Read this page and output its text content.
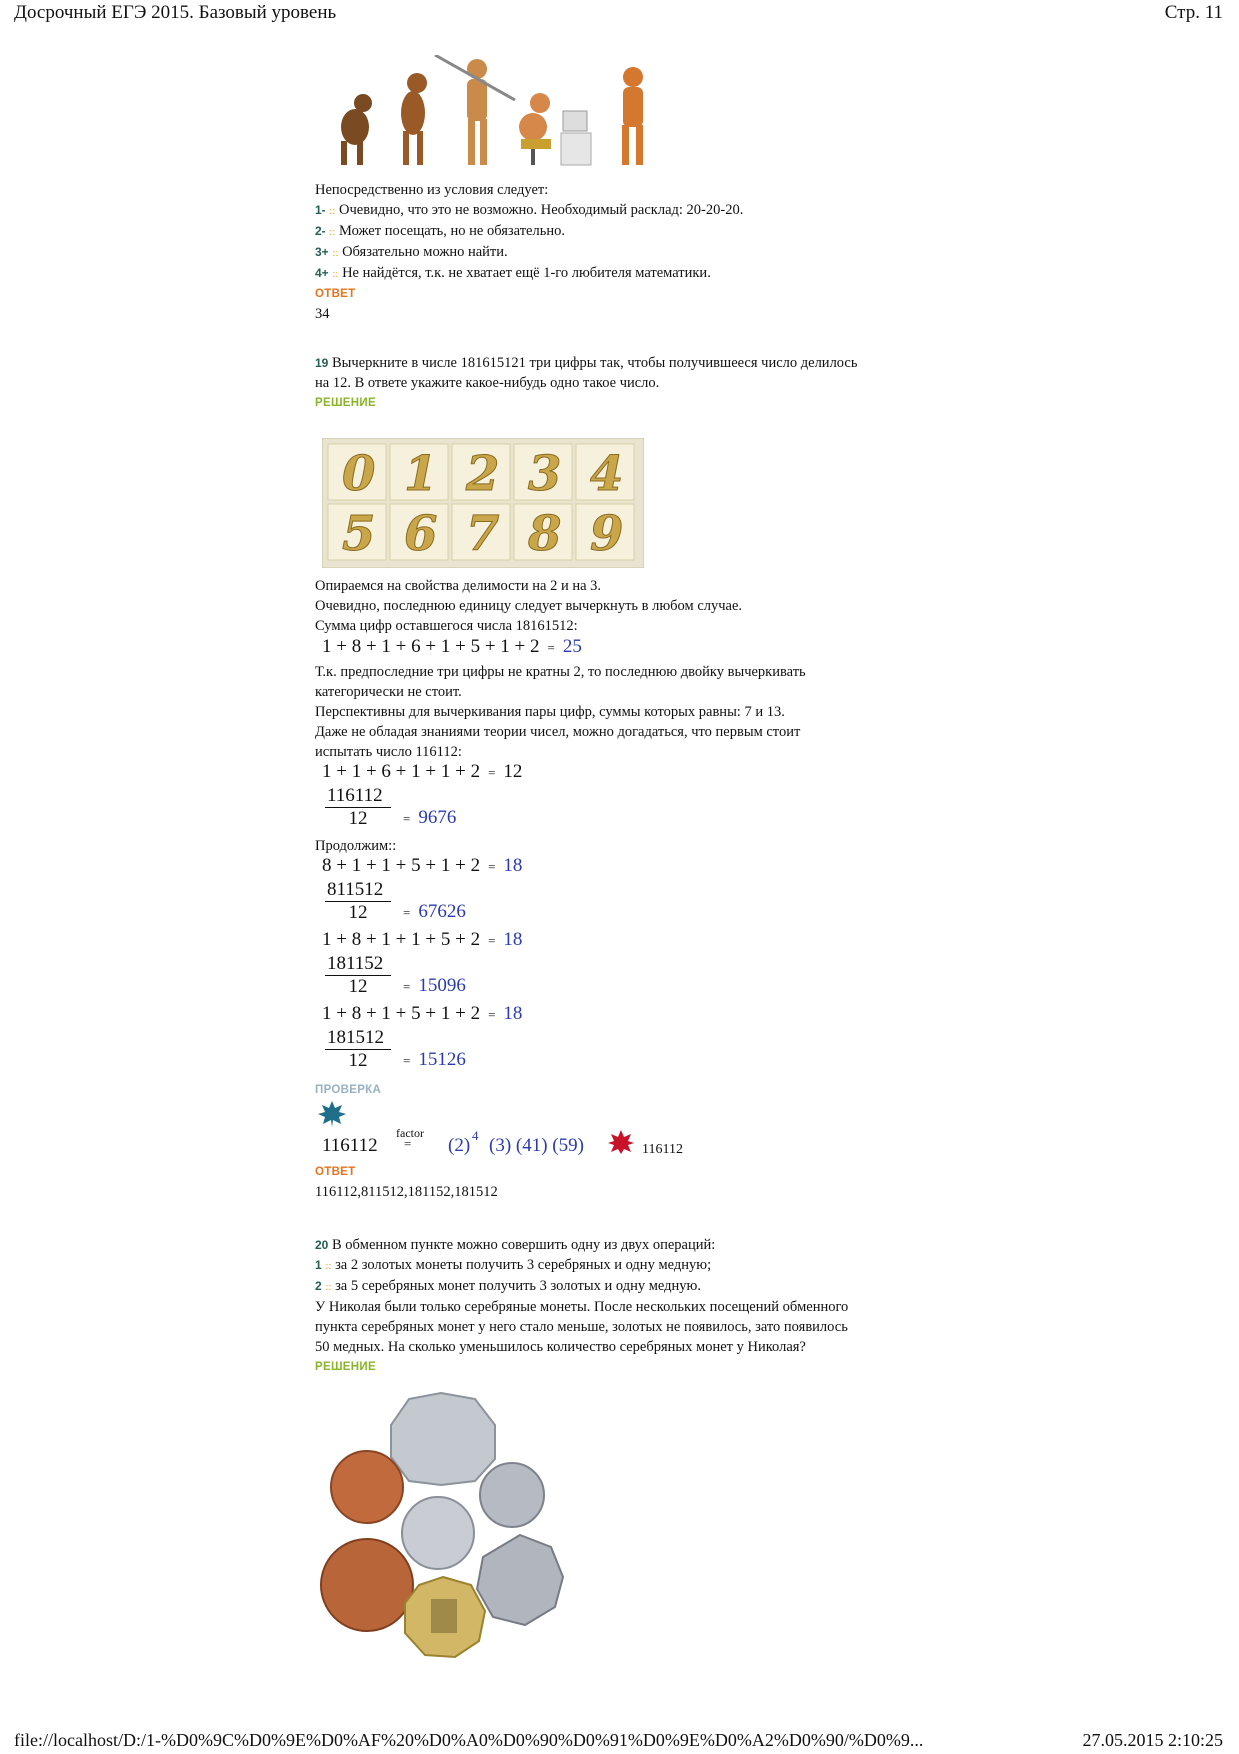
Досрочный ЕГЭ 2015. Базовый уровень	Стр. 11
Непосредственно из условия следует:
1- :: Очевидно, что это не возможно. Необходимый расклад: 20-20-20.
2- :: Может посещать, но не обязательно.
3+ :: Обязательно можно найти.
4+ :: Не найдётся, т.к. не хватает ещё 1-го любителя математики.
ОТВЕТ
34
19 Вычеркните в числе 181615121 три цифры так, чтобы получившееся число делилось
на 12. В ответе укажите какое-нибудь одно такое число.
РЕШЕНИЕ
0 1 2 3 4
5 6 7 8 9
Опираемся на свойства делимости на 2 и на 3.
Очевидно, последнюю единицу следует вычеркнуть в любом случае.
Сумма цифр оставшегося числа 18161512:
1 + 8 + 1 + 6 + 1 + 5 + 1 + 2 = 25
Т.к. предпоследние три цифры не кратны 2, то последнюю двойку вычеркивать
категорически не стоит.
Перспективны для вычеркивания пары цифр, суммы которых равны: 7 и 13.
Даже не обладая знаниями теории чисел, можно догадаться, что первым стоит
испытать число 116112:
1 + 1 + 6 + 1 + 1 + 2 = 12
116112
12	= 9676
Продолжим::
8 + 1 + 1 + 5 + 1 + 2 = 18
811512
12	= 67626
1 + 8 + 1 + 1 + 5 + 2 = 18
181152
12	= 15096
1 + 8 + 1 + 5 + 1 + 2 = 18
181512
12	= 15126
ПРОВЕРКА
116112
factor
= (2) 4 (3) (41) (59)	116112
ОТВЕТ
116112,811512,181152,181512
20 В обменном пункте можно совершить одну из двух операций:
1 :: за 2 золотых монеты получить 3 серебряных и одну медную;
2 :: за 5 серебряных монет получить 3 золотых и одну медную.
У Николая были только серебряные монеты. После нескольких посещений обменного
пункта серебряных монет у него стало меньше, золотых не появилось, зато появилось
50 медных. На сколько уменьшилось количество серебряных монет у Николая?
РЕШЕНИЕ
file://localhost/D:/1-%D0%9C%D0%9E%D0%AF%20%D0%A0%D0%90%D0%91%D0%9E%D0%A2%D0%90/%D0%9...	27.05.2015 2:10:25
